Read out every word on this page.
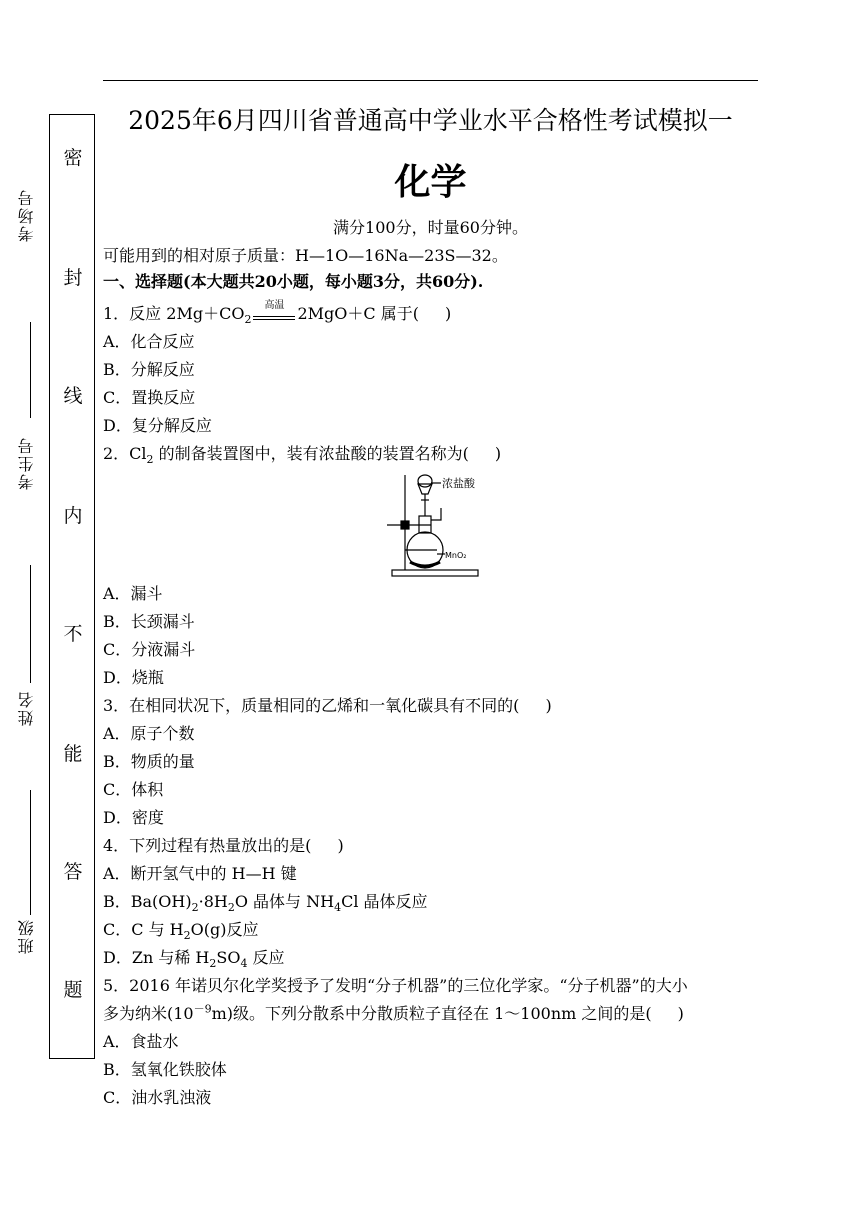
考场号
考生号
姓名
班级
密
封
线
内
不
能
答
题
2025年6月四川省普通高中学业水平合格性考试模拟一
化学
满分100分，时量60分钟。
可能用到的相对原子质量：H—1O—16Na—23S—32。
一、选择题(本大题共20小题，每小题3分，共60分).
1．反应 $2Mg+CO_2$
高温 2MgO＋C 属于( )
A．化合反应
B．分解反应
C．置换反应
D．复分解反应
2．$Cl_2$ 的制备装置图中，装有浓盐酸的装置名称为( )
浓盐酸
MnO₂
A．漏斗
B．长颈漏斗
C．分液漏斗
D．烧瓶
3．在相同状况下，质量相同的乙烯和一氧化碳具有不同的( )
A．原子个数
B．物质的量
C．体积
D．密度
4．下列过程有热量放出的是( )
A．断开氢气中的 H—H 键
B．$Ba(OH)_2\cdot 8H_2O$ 晶体与 $NH_4Cl$ 晶体反应
C．C 与 $H_2O(g)$反应
D．Zn 与稀 $H_2SO_4$ 反应
5．2016 年诺贝尔化学奖授予了发明“分子机器”的三位化学家。“分子机器”的大小
多为纳米$(10^{-9}m)$级。下列分散系中分散质粒子直径在 1～100nm 之间的是( )
A．食盐水
B．氢氧化铁胶体
C．油水乳浊液
